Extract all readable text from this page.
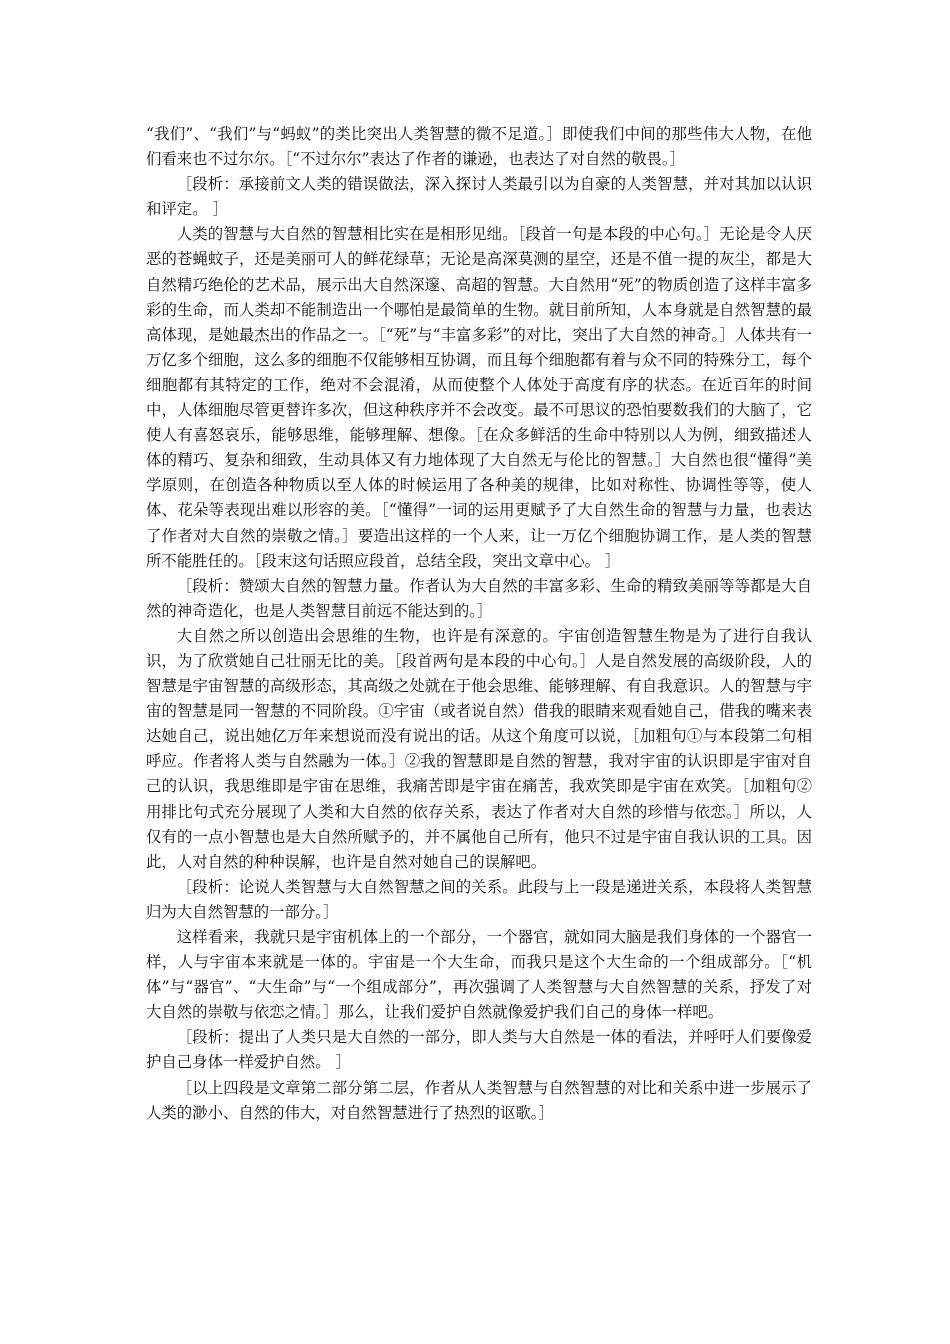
“我们”、“我们”与“蚂蚁”的类比突出人类智慧的微不足道。］即使我们中间的那些伟大人物，在他们看来也不过尔尔。［“不过尔尔”表达了作者的谦逊，也表达了对自然的敬畏。］

［段析：承接前文人类的错误做法，深入探讨人类最引以为自豪的人类智慧，并对其加以认识和评定。 ］

人类的智慧与大自然的智慧相比实在是相形见绌。［段首一句是本段的中心句。］无论是令人厌恶的苍蝇蚊子，还是美丽可人的鲜花绿草；无论是高深莫测的星空，还是不值一提的灰尘，都是大自然精巧绝伦的艺术品，展示出大自然深邃、高超的智慧。大自然用“死”的物质创造了这样丰富多彩的生命，而人类却不能制造出一个哪怕是最简单的生物。就目前所知，人本身就是自然智慧的最高体现，是她最杰出的作品之一。［“死”与“丰富多彩”的对比，突出了大自然的神奇。］人体共有一万亿多个细胞，这么多的细胞不仅能够相互协调，而且每个细胞都有着与众不同的特殊分工，每个细胞都有其特定的工作，绝对不会混淆，从而使整个人体处于高度有序的状态。在近百年的时间中，人体细胞尽管更替许多次，但这种秩序并不会改变。最不可思议的恐怕要数我们的大脑了，它使人有喜怒哀乐，能够思维，能够理解、想像。［在众多鲜活的生命中特别以人为例，细致描述人体的精巧、复杂和细致，生动具体又有力地体现了大自然无与伦比的智慧。］大自然也很“懂得”美学原则，在创造各种物质以至人体的时候运用了各种美的规律，比如对称性、协调性等等，使人体、花朵等表现出难以形容的美。［“懂得”一词的运用更赋予了大自然生命的智慧与力量，也表达了作者对大自然的崇敬之情。］要造出这样的一个人来，让一万亿个细胞协调工作，是人类的智慧所不能胜任的。［段末这句话照应段首，总结全段，突出文章中心。 ］

［段析：赞颂大自然的智慧力量。作者认为大自然的丰富多彩、生命的精致美丽等等都是大自然的神奇造化，也是人类智慧目前远不能达到的。］

大自然之所以创造出会思维的生物，也许是有深意的。宇宙创造智慧生物是为了进行自我认识，为了欣赏她自己壮丽无比的美。［段首两句是本段的中心句。］人是自然发展的高级阶段，人的智慧是宇宙智慧的高级形态，其高级之处就在于他会思维、能够理解、有自我意识。人的智慧与宇宙的智慧是同一智慧的不同阶段。①宇宙（或者说自然）借我的眼睛来观看她自己，借我的嘴来表达她自己，说出她亿万年来想说而没有说出的话。从这个角度可以说，［加粗句①与本段第二句相呼应。作者将人类与自然融为一体。］②我的智慧即是自然的智慧，我对宇宙的认识即是宇宙对自己的认识，我思维即是宇宙在思维，我痛苦即是宇宙在痛苦，我欢笑即是宇宙在欢笑。［加粗句②用排比句式充分展现了人类和大自然的依存关系，表达了作者对大自然的珍惜与依恋。］所以，人仅有的一点小智慧也是大自然所赋予的，并不属他自己所有，他只不过是宇宙自我认识的工具。因此，人对自然的种种误解，也许是自然对她自己的误解吧。

［段析：论说人类智慧与大自然智慧之间的关系。此段与上一段是递进关系，本段将人类智慧归为大自然智慧的一部分。］

这样看来，我就只是宇宙机体上的一个部分，一个器官，就如同大脑是我们身体的一个器官一样，人与宇宙本来就是一体的。宇宙是一个大生命，而我只是这个大生命的一个组成部分。［“机体”与“器官”、“大生命”与“一个组成部分”，再次强调了人类智慧与大自然智慧的关系，抒发了对大自然的崇敬与依恋之情。］那么，让我们爱护自然就像爱护我们自己的身体一样吧。

［段析：提出了人类只是大自然的一部分，即人类与大自然是一体的看法，并呼吁人们要像爱护自己身体一样爱护自然。 ］

［以上四段是文章第二部分第二层，作者从人类智慧与自然智慧的对比和关系中进一步展示了人类的渺小、自然的伟大，对自然智慧进行了热烈的讴歌。］
